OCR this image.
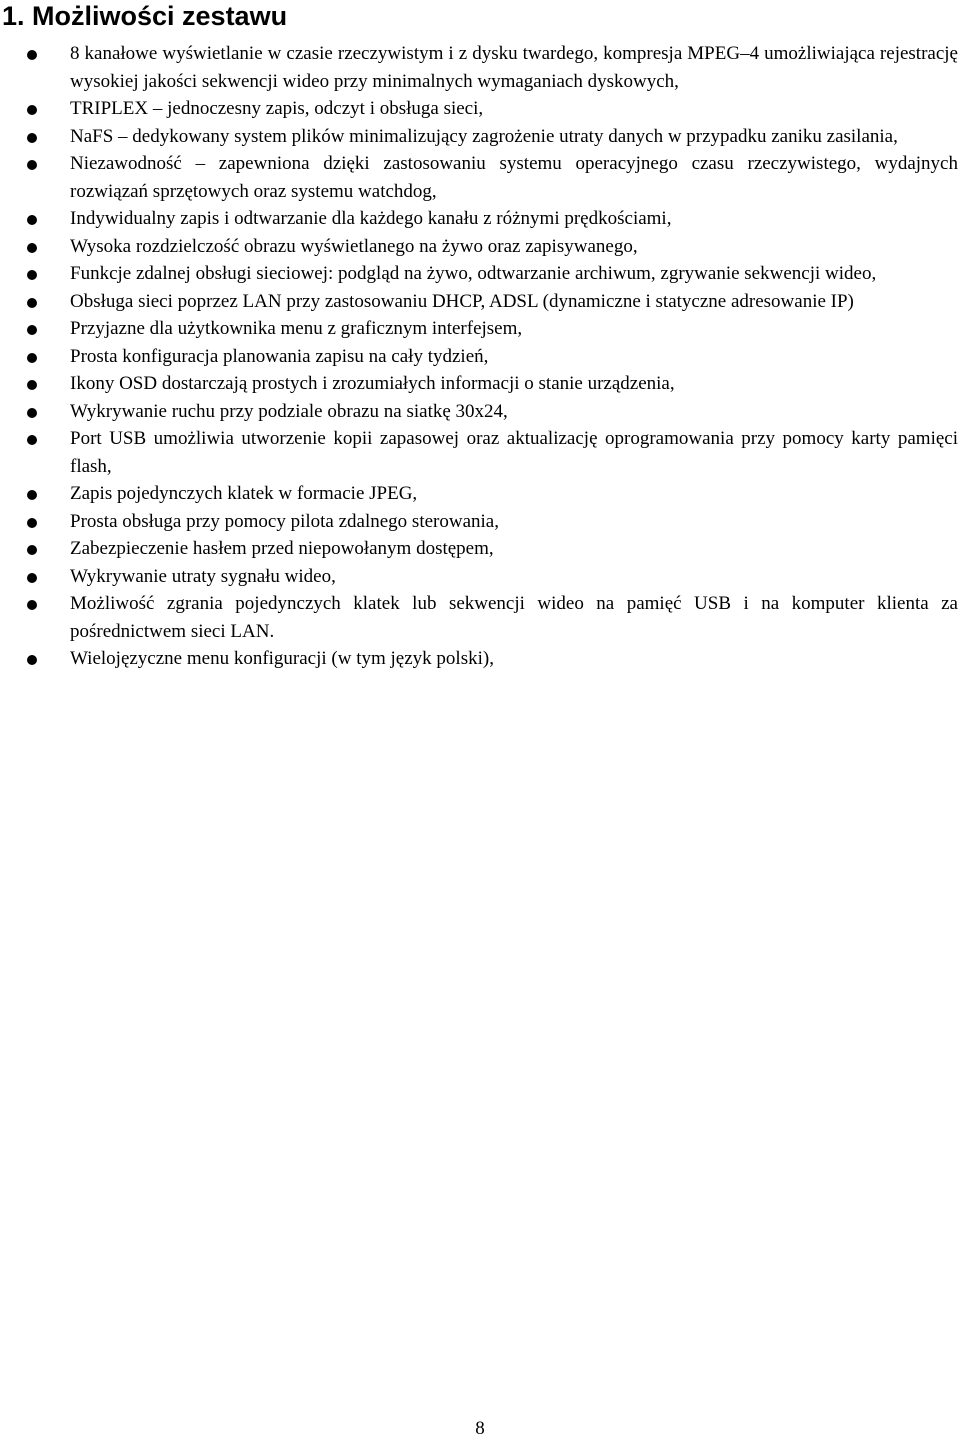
1. Możliwości zestawu
8 kanałowe wyświetlanie w czasie rzeczywistym i z dysku twardego, kompresja MPEG–4 umożliwiająca rejestrację wysokiej jakości sekwencji wideo przy minimalnych wymaganiach dyskowych,
TRIPLEX – jednoczesny zapis, odczyt i obsługa sieci,
NaFS – dedykowany system plików minimalizujący zagrożenie utraty danych w przypadku zaniku zasilania,
Niezawodność – zapewniona dzięki zastosowaniu systemu operacyjnego czasu rzeczywistego, wydajnych rozwiązań sprzętowych oraz systemu watchdog,
Indywidualny zapis i odtwarzanie dla każdego kanału z różnymi prędkościami,
Wysoka rozdzielczość obrazu wyświetlanego na żywo oraz zapisywanego,
Funkcje zdalnej obsługi sieciowej: podgląd na żywo, odtwarzanie archiwum, zgrywanie sekwencji wideo,
Obsługa sieci poprzez LAN przy zastosowaniu DHCP, ADSL (dynamiczne i statyczne adresowanie IP)
Przyjazne dla użytkownika menu z graficznym interfejsem,
Prosta konfiguracja planowania zapisu na cały tydzień,
Ikony OSD dostarczają prostych i zrozumiałych informacji o stanie urządzenia,
Wykrywanie ruchu przy podziale obrazu na siatkę 30x24,
Port USB umożliwia utworzenie kopii zapasowej oraz aktualizację oprogramowania przy pomocy karty pamięci flash,
Zapis pojedynczych klatek w formacie JPEG,
Prosta obsługa przy pomocy pilota zdalnego sterowania,
Zabezpieczenie hasłem przed niepowołanym dostępem,
Wykrywanie utraty sygnału wideo,
Możliwość zgrania pojedynczych klatek lub sekwencji wideo na pamięć USB i na komputer klienta za pośrednictwem sieci LAN.
Wielojęzyczne menu konfiguracji (w tym język polski),
8
